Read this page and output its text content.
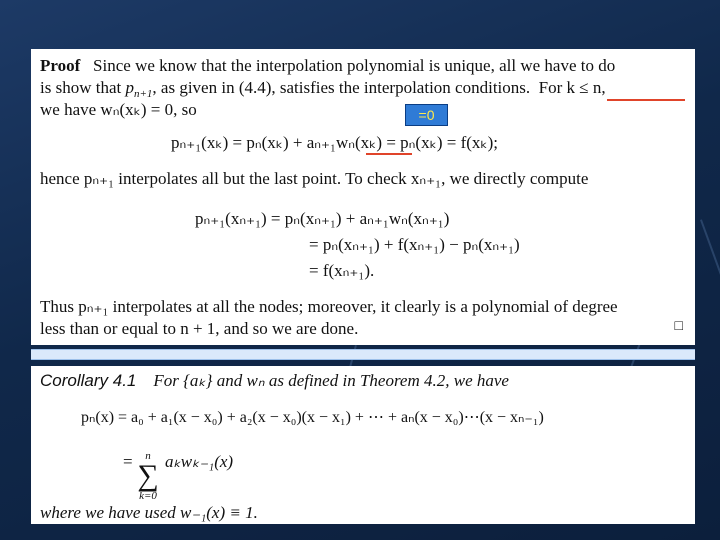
Proof Since we know that the interpolation polynomial is unique, all we have to do
is show that $p_{n+1}$, as given in (4.4), satisfies the interpolation conditions. For k ≤ n,
we have wₙ(xₖ) = 0, so	=0
pₙ₊₁(xₖ) = pₙ(xₖ) + aₙ₊₁wₙ(xₖ) = pₙ(xₖ) = f(xₖ);
hence pₙ₊₁ interpolates all but the last point. To check xₙ₊₁, we directly compute
pₙ₊₁(xₙ₊₁) = pₙ(xₙ₊₁) + aₙ₊₁wₙ(xₙ₊₁)
= pₙ(xₙ₊₁) + f(xₙ₊₁) − pₙ(xₙ₊₁)
= f(xₙ₊₁).
Thus pₙ₊₁ interpolates at all the nodes; moreover, it clearly is a polynomial of degree
less than or equal to n + 1, and so we are done.	□
Corollary 4.1 For {aₖ} and wₙ as defined in Theorem 4.2, we have
pₙ(x) = a₀ + a₁(x − x₀) + a₂(x − x₀)(x − x₁) + ⋯ + aₙ(x − x₀)⋯(x − xₙ₋₁)
=	n
∑
k=0
aₖwₖ₋₁(x)
where we have used w₋₁(x) ≡ 1.
